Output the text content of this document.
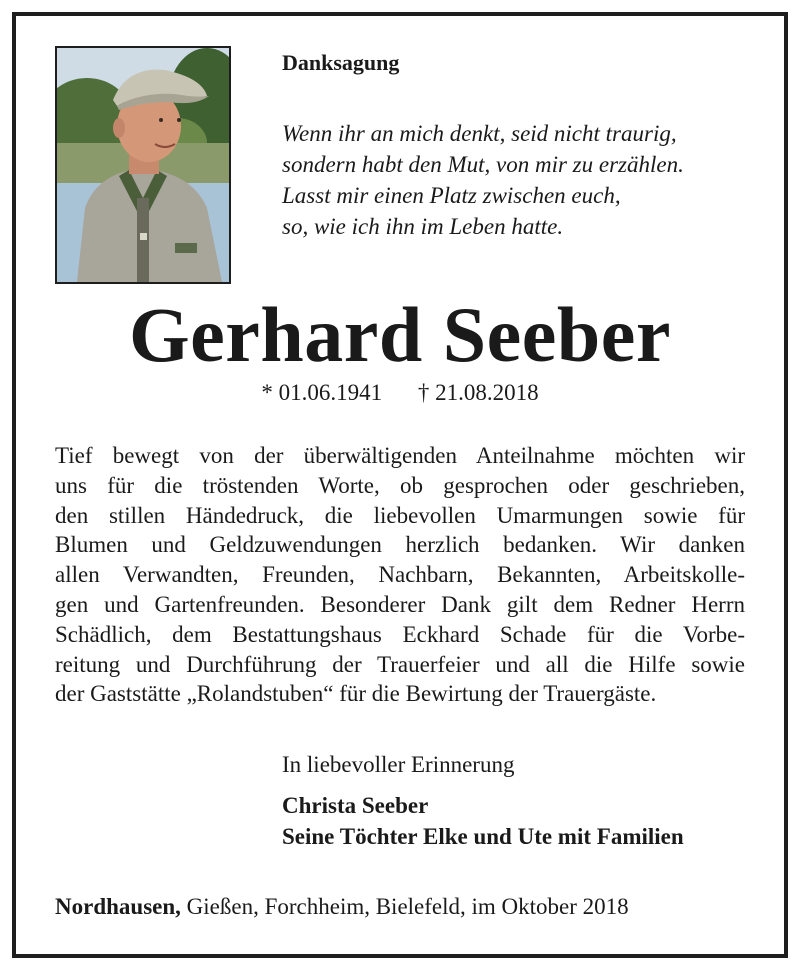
Danksagung
Wenn ihr an mich denkt, seid nicht traurig,
sondern habt den Mut, von mir zu erzählen.
Lasst mir einen Platz zwischen euch,
so, wie ich ihn im Leben hatte.
Gerhard Seeber
* 01.06.1941 † 21.08.2018
Tief bewegt von der überwältigenden Anteilnahme möchten wir
uns für die tröstenden Worte, ob gesprochen oder geschrieben,
den stillen Händedruck, die liebevollen Umarmungen sowie für
Blumen und Geldzuwendungen herzlich bedanken. Wir danken
allen Verwandten, Freunden, Nachbarn, Bekannten, Arbeitskolle-
gen und Gartenfreunden. Besonderer Dank gilt dem Redner Herrn
Schädlich, dem Bestattungshaus Eckhard Schade für die Vorbe-
reitung und Durchführung der Trauerfeier und all die Hilfe sowie
der Gaststätte „Rolandstuben“ für die Bewirtung der Trauergäste.
In liebevoller Erinnerung
Christa Seeber
Seine Töchter Elke und Ute mit Familien
Nordhausen, Gießen, Forchheim, Bielefeld, im Oktober 2018
